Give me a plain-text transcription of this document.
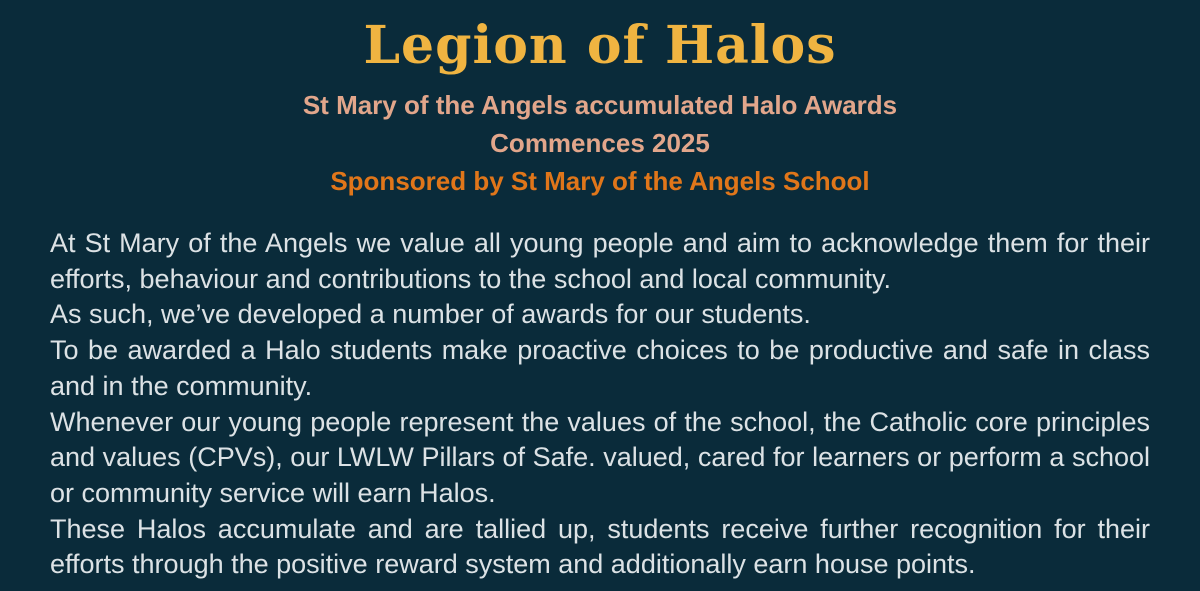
Legion of Halos
St Mary of the Angels accumulated Halo Awards
Commences 2025
Sponsored by St Mary of the Angels School

At St Mary of the Angels we value all young people and aim to acknowledge them for their efforts, behaviour and contributions to the school and local community.

As such, we’ve developed a number of awards for our students.

To be awarded a Halo students make proactive choices to be productive and safe in class and in the community.

Whenever our young people represent the values of the school, the Catholic core principles and values (CPVs), our LWLW Pillars of Safe. valued, cared for learners or perform a school or community service will earn Halos.

These Halos accumulate and are tallied up, students receive further recognition for their efforts through the positive reward system and additionally earn house points.
